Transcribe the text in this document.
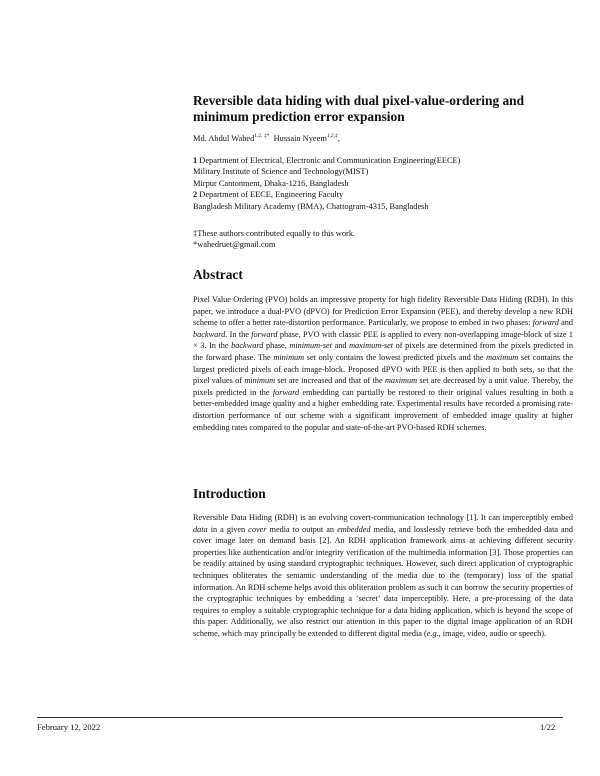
Reversible data hiding with dual pixel-value-ordering and minimum prediction error expansion
Md. Abdul Wahed$^{1,2, \ddagger*}$ Hussain Nyeem$^{1,2,\ddagger}$,
1 Department of Electrical, Electronic and Communication Engineering(EECE)
Military Institute of Science and Technology(MIST)
Mirpur Cantonment, Dhaka-1216, Bangladesh
2 Department of EECE, Engineering Faculty
Bangladesh Military Academy (BMA), Chattogram-4315, Bangladesh
‡These authors contributed equally to this work.
*wahedruet@gmail.com
Abstract
Pixel Value Ordering (PVO) holds an impressive property for high fidelity Reversible Data Hiding (RDH). In this paper, we introduce a dual-PVO (dPVO) for Prediction Error Expansion (PEE), and thereby develop a new RDH scheme to offer a better rate-distortion performance. Particularly, we propose to embed in two phases: forward and backward. In the forward phase, PVO with classic PEE is applied to every non-overlapping image-block of size 1 × 3. In the backward phase, minimum-set and maximum-set of pixels are determined from the pixels predicted in the forward phase. The minimum set only contains the lowest predicted pixels and the maximum set contains the largest predicted pixels of each image-block. Proposed dPVO with PEE is then applied to both sets, so that the pixel values of minimum set are increased and that of the maximum set are decreased by a unit value. Thereby, the pixels predicted in the forward embedding can partially be restored to their original values resulting in both a better-embedded image quality and a higher embedding rate. Experimental results have recorded a promising rate-distortion performance of our scheme with a significant improvement of embedded image quality at higher embedding rates compared to the popular and state-of-the-art PVO-based RDH schemes.
Introduction
Reversible Data Hiding (RDH) is an evolving covert-communication technology [1]. It can imperceptibly embed data in a given cover media to output an embedded media, and losslessly retrieve both the embedded data and cover image later on demand basis [2]. An RDH application framework aims at achieving different security properties like authentication and/or integrity verification of the multimedia information [3]. Those properties can be readily attained by using standard cryptographic techniques. However, such direct application of cryptographic techniques obliterates the semantic understanding of the media due to the (temporary) loss of the spatial information. An RDH scheme helps avoid this obliteration problem as such it can borrow the security properties of the cryptographic techniques by embedding a ‘secret’ data imperceptibly. Here, a pre-processing of the data requires to employ a suitable cryptographic technique for a data hiding application, which is beyond the scope of this paper. Additionally, we also restrict our attention in this paper to the digital image application of an RDH scheme, which may principally be extended to different digital media (e.g., image, video, audio or speech).
February 12, 2022	1/22
